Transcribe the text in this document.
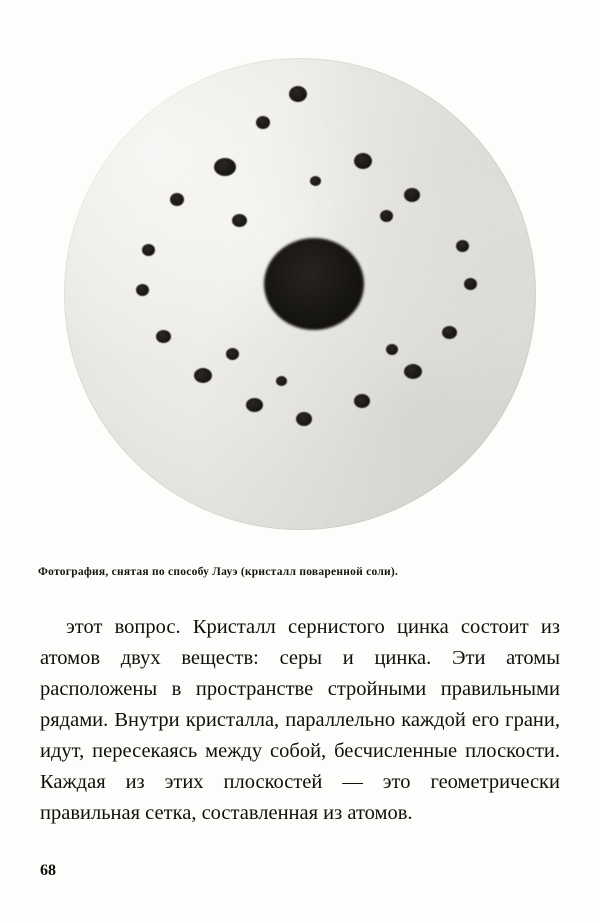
Фотография, снятая по способу Лауэ (кристалл поваренной соли).

этот вопрос. Кристалл сернистого цинка состоит из атомов двух веществ: серы и цинка. Эти атомы расположены в пространстве стройными правильными рядами. Внутри кристалла, параллельно каждой его грани, идут, пересекаясь между собой, бесчисленные плоскости. Каждая из этих плоскостей — это геометрически правильная сетка, составленная из атомов.

68
